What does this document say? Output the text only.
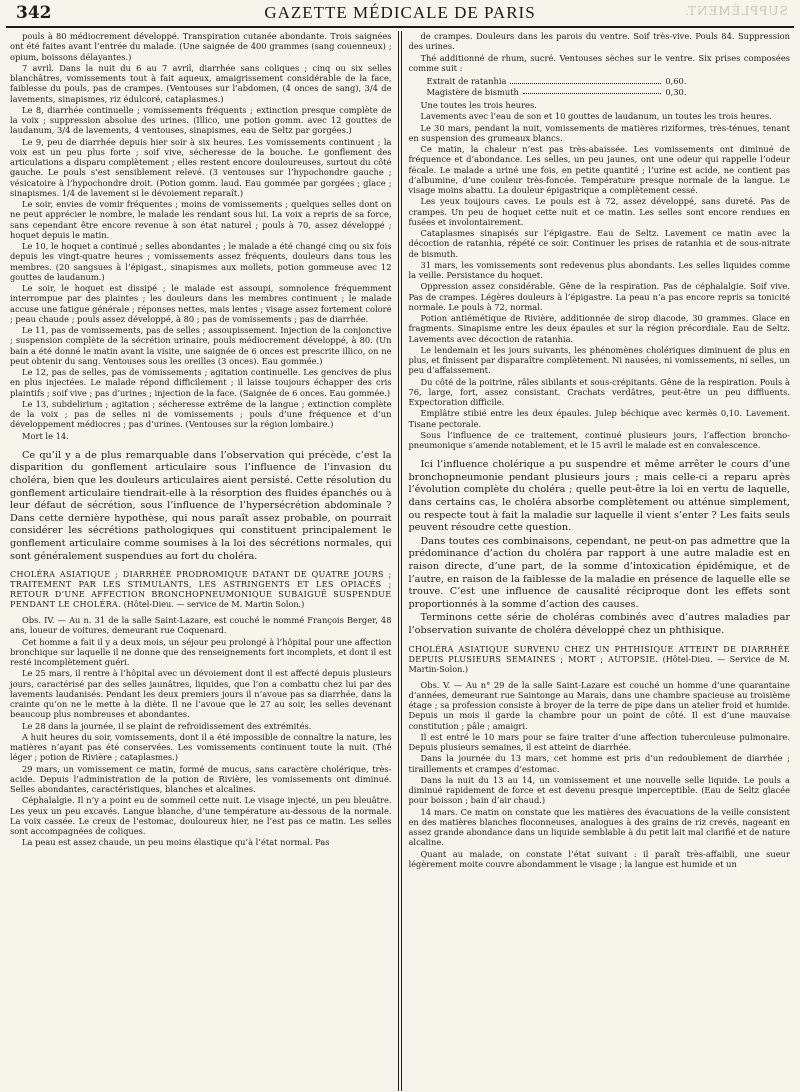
342	GAZETTE MÉDICALE DE PARIS	SUPPLÉMENT.

pouls à 80 médiocrement développé. Transpiration cutanée abondante. Trois saignées ont été faites avant l’entrée du malade. (Une saignée de 400 grammes (sang couenneux) ; opium, boissons délayantes.)

7 avril. Dans la nuit du 6 au 7 avril, diarrhée sans coliques ; cinq ou six selles blanchâtres, vomissements tout à fait aqueux, amaigrissement considérable de la face, faiblesse du pouls, pas de crampes. (Ventouses sur l’abdomen, (4 onces de sang), 3/4 de lavements, sinapismes, riz édulcoré, cataplasmes.)

Le 8, diarrhée continuelle ; vomissements fréquents ; extinction presque complète de la voix ; suppression absolue des urines. (Illico, une potion gomm. avec 12 gouttes de laudanum, 3/4 de lavements, 4 ventouses, sinapismes, eau de Seltz par gorgées.)

Le 9, peu de diarrhée depuis hier soir à six heures. Les vomissements continuent ; la voix est un peu plus forte ; soif vive, sécheresse de la bouche. Le gonflement des articulations a disparu complètement ; elles restent encore douloureuses, surtout du côté gauche. Le pouls s’est sensiblement relevé. (3 ventouses sur l’hypochondre gauche ; vésicatoire à l’hypochondre droit. (Potion gomm. laud. Eau gommée par gorgées ; glace ; sinapismes. 1/4 de lavement si le dévoiement reparaît.)

Le soir, envies de vomir fréquentes ; moins de vomissements ; quelques selles dont on ne peut apprécier le nombre, le malade les rendant sous lui. La voix a repris de sa force, sans cependant être encore revenue à son état naturel ; pouls à 70, assez développé ; hoquet depuis le matin.

Le 10, le hoquet a continué ; selles abondantes ; le malade a été changé cinq ou six fois depuis les vingt-quatre heures ; vomissements assez fréquents, douleurs dans tous les membres. (20 sangsues à l’épigast., sinapismes aux mollets, potion gommeuse avec 12 gouttes de laudanum.)

Le soir, le hoquet est dissipé ; le malade est assoupi, somnolence fréquemment interrompue par des plaintes ; les douleurs dans les membres continuent ; le malade accuse une fatigue générale ; réponses nettes, mais lentes ; visage assez fortement coloré ; peau chaude ; pouls assez développé, à 80 ; pas de vomissements ; pas de diarrhée.

Le 11, pas de vomissements, pas de selles ; assoupissement. Injection de la conjonctive ; suspension complète de la sécrétion urinaire, pouls médiocrement développé, à 80. (Un bain a été donné le matin avant la visite, une saignée de 6 onces est prescrite illico, on ne peut obtenir du sang. Ventouses sous les oreilles (3 onces). Eau gommée.)

Le 12, pas de selles, pas de vomissements ; agitation continuelle. Les gencives de plus en plus injectées. Le malade répond difficilement ; il laisse toujours échapper des cris plaintifs ; soif vive ; pas d’urines ; injection de la face. (Saignée de 6 onces. Eau gommée.)

Le 13, subdelirium ; agitation ; sécheresse extrême de la langue ; extinction complète de la voix ; pas de selles ni de vomissements ; pouls d’une fréquence et d’un développement médiocres ; pas d’urines. (Ventouses sur la région lombaire.)

Mort le 14.

Ce qu’il y a de plus remarquable dans l’observation qui précède, c’est la disparition du gonflement articulaire sous l’influence de l’invasion du choléra, bien que les douleurs articulaires aient persisté. Cette résolution du gonflement articulaire tiendrait-elle à la résorption des fluides épanchés ou à leur défaut de sécrétion, sous l’influence de l’hypersécrétion abdominale ? Dans cette dernière hypothèse, qui nous paraît assez probable, on pourrait considérer les sécrétions pathologiques qui constituent principalement le gonflement articulaire comme soumises à la loi des sécrétions normales, qui sont généralement suspendues au fort du choléra.

CHOLÉRA ASIATIQUE ; DIARRHÉE PRODROMIQUE DATANT DE QUATRE JOURS ; TRAITEMENT PAR LES STIMULANTS, LES ASTRINGENTS ET LES OPIACÉS ; RETOUR D’UNE AFFECTION BRONCHOPNEUMONIQUE SUBAIGUË SUSPENDUE PENDANT LE CHOLÉRA. (Hôtel-Dieu. — service de M. Martin Solon.)

Obs. IV. — Au n. 31 de la salle Saint-Lazare, est couché le nommé François Berger, 48 ans, loueur de voitures, demeurant rue Coquenard.

Cet homme a fait il y a deux mois, un séjour peu prolongé à l’hôpital pour une affection bronchique sur laquelle il ne donne que des renseignements fort incomplets, et dont il est resté incomplètement guéri.

Le 25 mars, il rentre à l’hôpital avec un dévoiement dont il est affecté depuis plusieurs jours, caractérisé par des selles jaunâtres, liquides, que l’on a combattu chez lui par des lavements laudanisés. Pendant les deux premiers jours il n’avoue pas sa diarrhée, dans la crainte qu’on ne le mette à la diète. Il ne l’avoue que le 27 au soir, les selles devenant beaucoup plus nombreuses et abondantes.

Le 28 dans la journée, il se plaint de refroidissement des extrémités.

A huit heures du soir, vomissements, dont il a été impossible de connaître la nature, les matières n’ayant pas été conservées. Les vomissements continuent toute la nuit. (Thé léger ; potion de Rivière ; cataplasmes.)

29 mars, un vomissement ce matin, formé de mucus, sans caractère cholérique, très-acide. Depuis l’administration de la potion de Rivière, les vomissements ont diminué. Selles abondantes, caractéristiques, blanches et alcalines.

Céphalalgie. Il n’y a point eu de sommeil cette nuit. Le visage injecté, un peu bleuâtre. Les yeux un peu excavés. Langue blanche, d’une température au-dessous de la normale. La voix cassée. Le creux de l’estomac, douloureux hier, ne l’est pas ce matin. Les selles sont accompagnées de coliques.

La peau est assez chaude, un peu moins élastique qu’à l’état normal. Pas

de crampes. Douleurs dans les parois du ventre. Soif très-vive. Pouls 84. Suppression des urines.

Thé additionné de rhum, sucré. Ventouses sèches sur le ventre. Six prises composées comme suit :

Extrait de ratanhia	0,60.
Magistère de bismuth	0,30.

Une toutes les trois heures.

Lavements avec l’eau de son et 10 gouttes de laudanum, un toutes les trois heures.

Le 30 mars, pendant la nuit, vomissements de matières riziformes, très-ténues, tenant en suspension des grumeaux blancs.

Ce matin, la chaleur n’est pas très-abaissée. Les vomissements ont diminué de fréquence et d’abondance. Les selles, un peu jaunes, ont une odeur qui rappelle l’odeur fécale. Le malade a uriné une fois, en petite quantité ; l’urine est acide, ne contient pas d’albumine, d’une couleur très-foncée. Température presque normale de la langue. Le visage moins abattu. La douleur épigastrique a complètement cessé.

Les yeux toujours caves. Le pouls est à 72, assez développé, sans dureté. Pas de crampes. Un peu de hoquet cette nuit et ce matin. Les selles sont encore rendues en fusées et involontairement.

Cataplasmes sinapisés sur l’épigastre. Eau de Seltz. Lavement ce matin avec la décoction de ratanhia, répété ce soir. Continuer les prises de ratanhia et de sous-nitrate de bismuth.

31 mars, les vomissements sont redevenus plus abondants. Les selles liquides comme la veille. Persistance du hoquet.

Oppression assez considérable. Gêne de la respiration. Pas de céphalalgie. Soif vive. Pas de crampes. Légères douleurs à l’épigastre. La peau n’a pas encore repris sa tonicité normale. Le pouls à 72, normal.

Potion antiémétique de Rivière, additionnée de sirop diacode, 30 grammes. Glace en fragments. Sinapisme entre les deux épaules et sur la région précordiale. Eau de Seltz. Lavements avec décoction de ratanhia.

Le lendemain et les jours suivants, les phénomènes cholériques diminuent de plus en plus, et finissent par disparaître complètement. Ni nausées, ni vomissements, ni selles, un peu d’affaissement.

Du côté de la poitrine, râles sibilants et sous-crépitants. Gêne de la respiration. Pouls à 76, large, fort, assez consistant. Crachats verdâtres, peut-être un peu diffluents. Expectoration difficile.

Emplâtre stibié entre les deux épaules. Julep béchique avec kermès 0,10. Lavement. Tisane pectorale.

Sous l’influence de ce traitement, continué plusieurs jours, l’affection broncho-pneumonique s’amende notablement, et le 15 avril le malade est en convalescence.

Ici l’influence cholérique a pu suspendre et même arrêter le cours d’une bronchopneumonie pendant plusieurs jours ; mais celle-ci a reparu après l’évolution complète du choléra ; quelle peut-être la loi en vertu de laquelle, dans certains cas, le choléra absorbe complètement ou atténue simplement, ou respecte tout à fait la maladie sur laquelle il vient s’enter ? Les faits seuls peuvent résoudre cette question.

Dans toutes ces combinaisons, cependant, ne peut-on pas admettre que la prédominance d’action du choléra par rapport à une autre maladie est en raison directe, d’une part, de la somme d’intoxication épidémique, et de l’autre, en raison de la faiblesse de la maladie en présence de laquelle elle se trouve. C’est une influence de causalité réciproque dont les effets sont proportionnés à la somme d’action des causes.

Terminons cette série de choléras combinés avec d’autres maladies par l’observation suivante de choléra développé chez un phthisique.

CHOLÉRA ASIATIQUE SURVENU CHEZ UN PHTHISIQUE ATTEINT DE DIARRHÉE DEPUIS PLUSIEURS SEMAINES ; MORT ; AUTOPSIE. (Hôtel-Dieu. — Service de M. Martin-Solon.)

Obs. V. — Au n° 29 de la salle Saint-Lazare est couché un homme d’une quarantaine d’années, demeurant rue Saintonge au Marais, dans une chambre spacieuse au troisième étage ; sa profession consiste à broyer de la terre de pipe dans un atelier froid et humide. Depuis un mois il garde la chambre pour un point de côté. Il est d’une mauvaise constitution ; pâle ; amaigri.

Il est entré le 10 mars pour se faire traiter d’une affection tuberculeuse pulmonaire. Depuis plusieurs semaines, il est atteint de diarrhée.

Dans la journée du 13 mars, cet homme est pris d’un redoublement de diarrhée ; tiraillements et crampes d’estomac.

Dans la nuit du 13 au 14, un vomissement et une nouvelle selle liquide. Le pouls a diminué rapidement de force et est devenu presque imperceptible. (Eau de Seltz glacée pour boisson ; bain d’air chaud.)

14 mars. Ce matin on constate que les matières des évacuations de la veille consistent en des matières blanches floconneuses, analogues à des grains de riz crevés, nageant en assez grande abondance dans un liquide semblable à du petit lait mal clarifié et de nature alcaline.

Quant au malade, on constate l’état suivant : il paraît très-affaibli, une sueur légèrement moite couvre abondamment le visage ; la langue est humide et un
